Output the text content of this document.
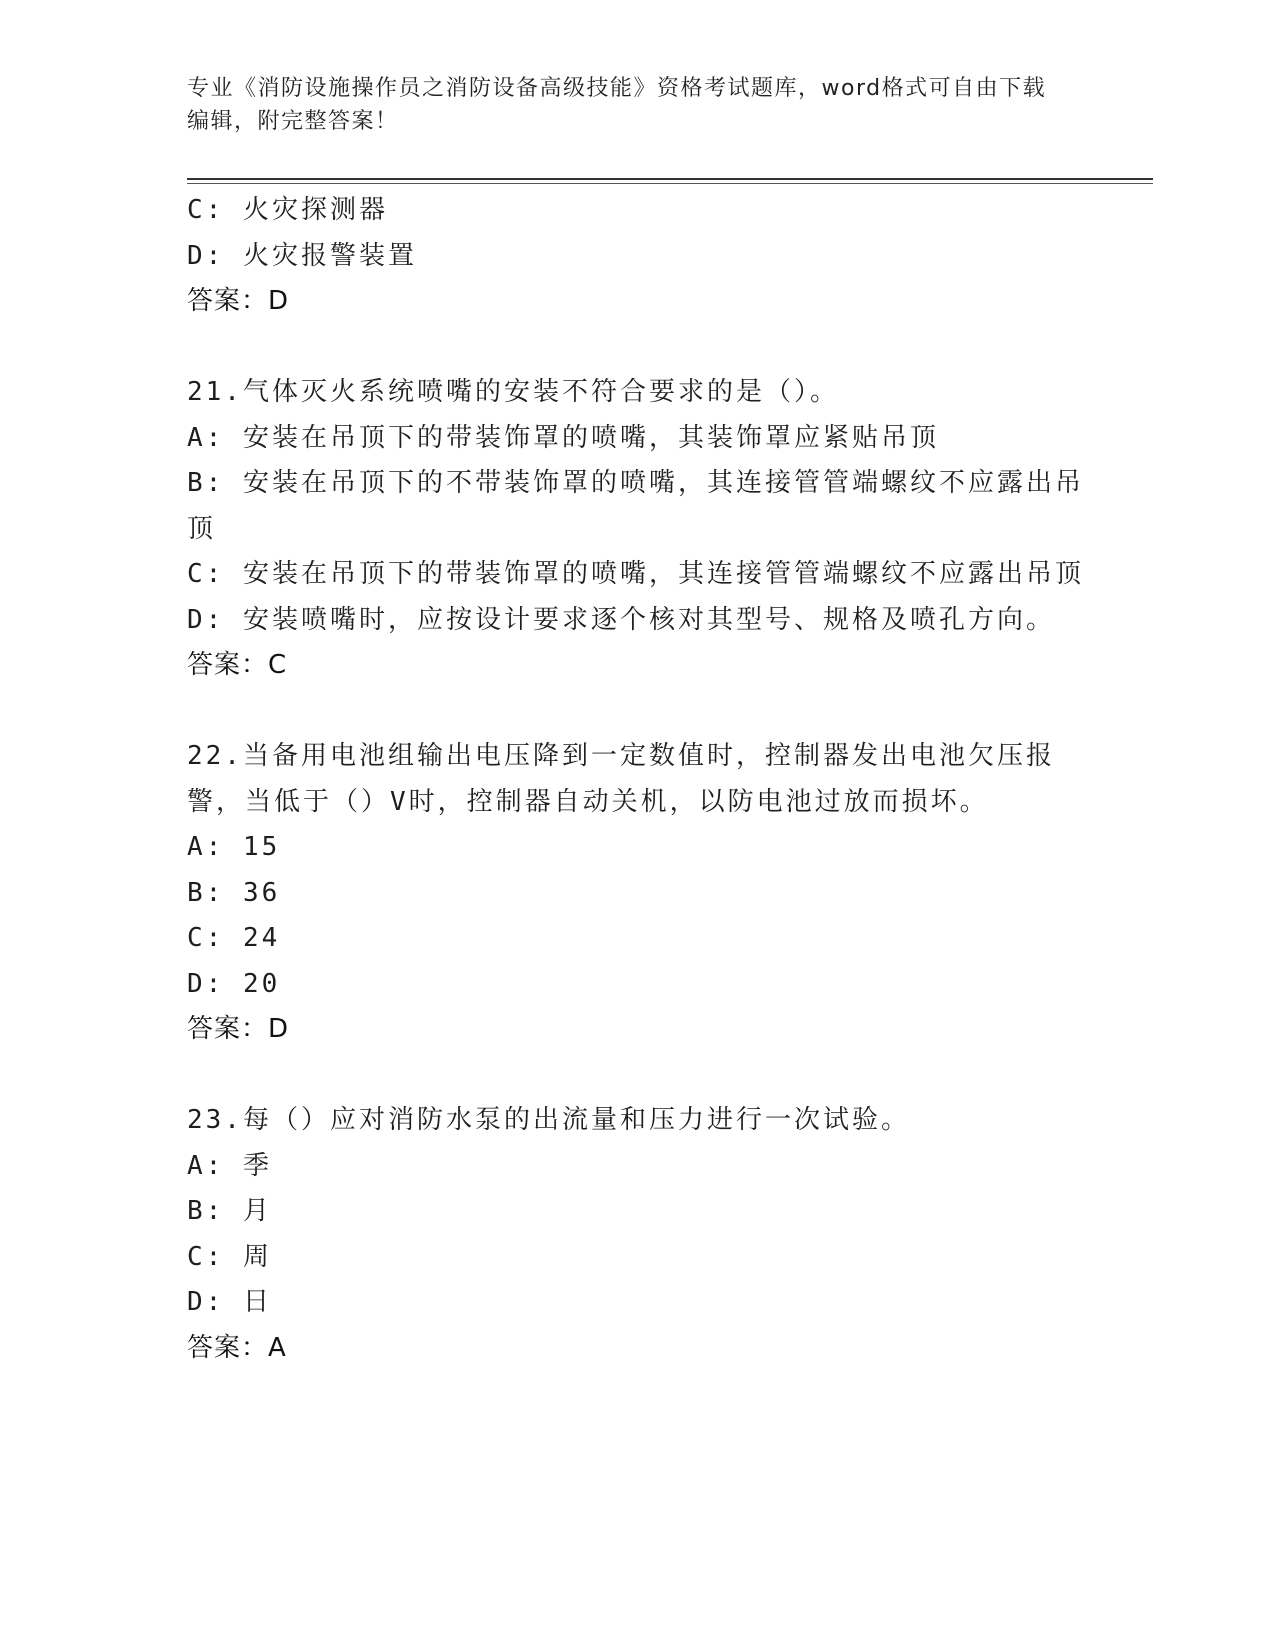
专业《消防设施操作员之消防设备高级技能》资格考试题库，word格式可自由下载编辑，附完整答案！
C: 火灾探测器
D: 火灾报警装置
答案：D
21.气体灭火系统喷嘴的安装不符合要求的是（）。
A: 安装在吊顶下的带装饰罩的喷嘴，其装饰罩应紧贴吊顶
B: 安装在吊顶下的不带装饰罩的喷嘴，其连接管管端螺纹不应露出吊顶
C: 安装在吊顶下的带装饰罩的喷嘴，其连接管管端螺纹不应露出吊顶
D: 安装喷嘴时，应按设计要求逐个核对其型号、规格及喷孔方向。
答案：C
22.当备用电池组输出电压降到一定数值时，控制器发出电池欠压报警，当低于（）V时，控制器自动关机，以防电池过放而损坏。
A: 15
B: 36
C: 24
D: 20
答案：D
23.每（）应对消防水泵的出流量和压力进行一次试验。
A: 季
B: 月
C: 周
D: 日
答案：A
